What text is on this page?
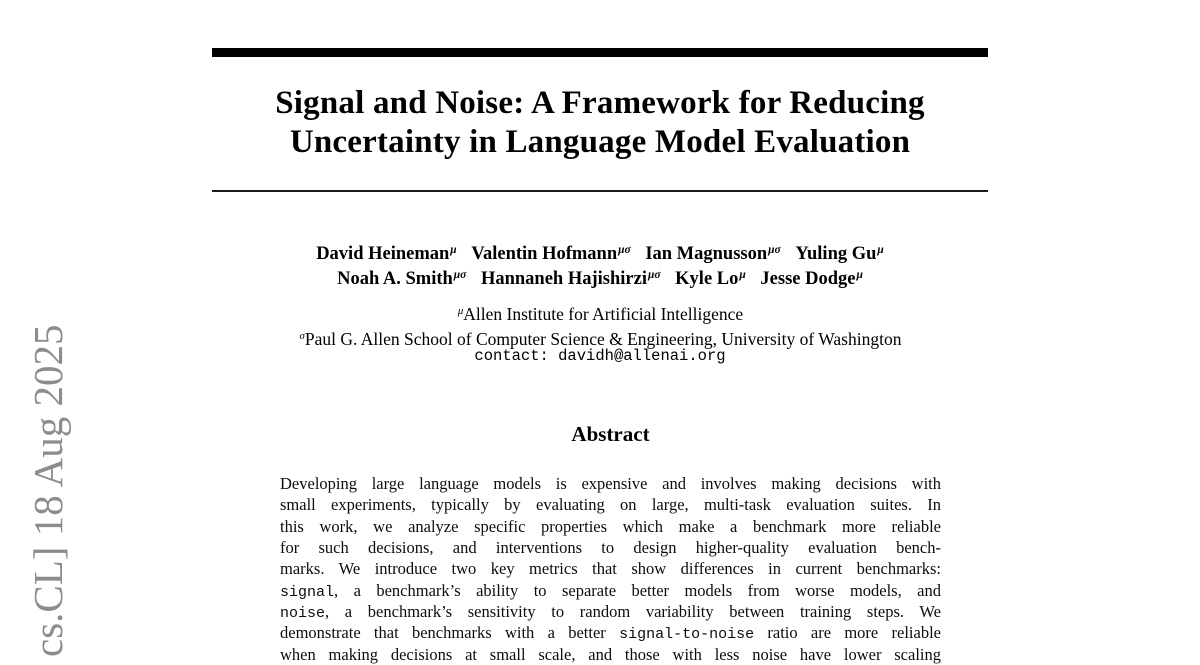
cs.CL] 18 Aug 2025
Signal and Noise: A Framework for Reducing
Uncertainty in Language Model Evaluation
David Heineman$^\mu$ Valentin Hofmann$^{\mu\sigma}$ Ian Magnusson$^{\mu\sigma}$ Yuling $Gu^\mu$
Noah A. Smith$^{\mu\sigma}$ Hannaneh Hajishirzi$^{\mu\sigma}$ Kyle $Lo^\mu$ Jesse Dodge$^\mu$
$^\mu$Allen Institute for Artificial Intelligence
$^\sigma$Paul G. Allen School of Computer Science & Engineering, University of Washington
contact: davidh@allenai.org
Abstract
Developing large language models is expensive and involves making decisions with
small experiments, typically by evaluating on large, multi-task evaluation suites. In
this work, we analyze specific properties which make a benchmark more reliable
for such decisions, and interventions to design higher-quality evaluation bench-
marks. We introduce two key metrics that show differences in current benchmarks:
signal, a benchmark’s ability to separate better models from worse models, and
noise, a benchmark’s sensitivity to random variability between training steps. We
demonstrate that benchmarks with a better signal-to-noise ratio are more reliable
when making decisions at small scale, and those with less noise have lower scaling
